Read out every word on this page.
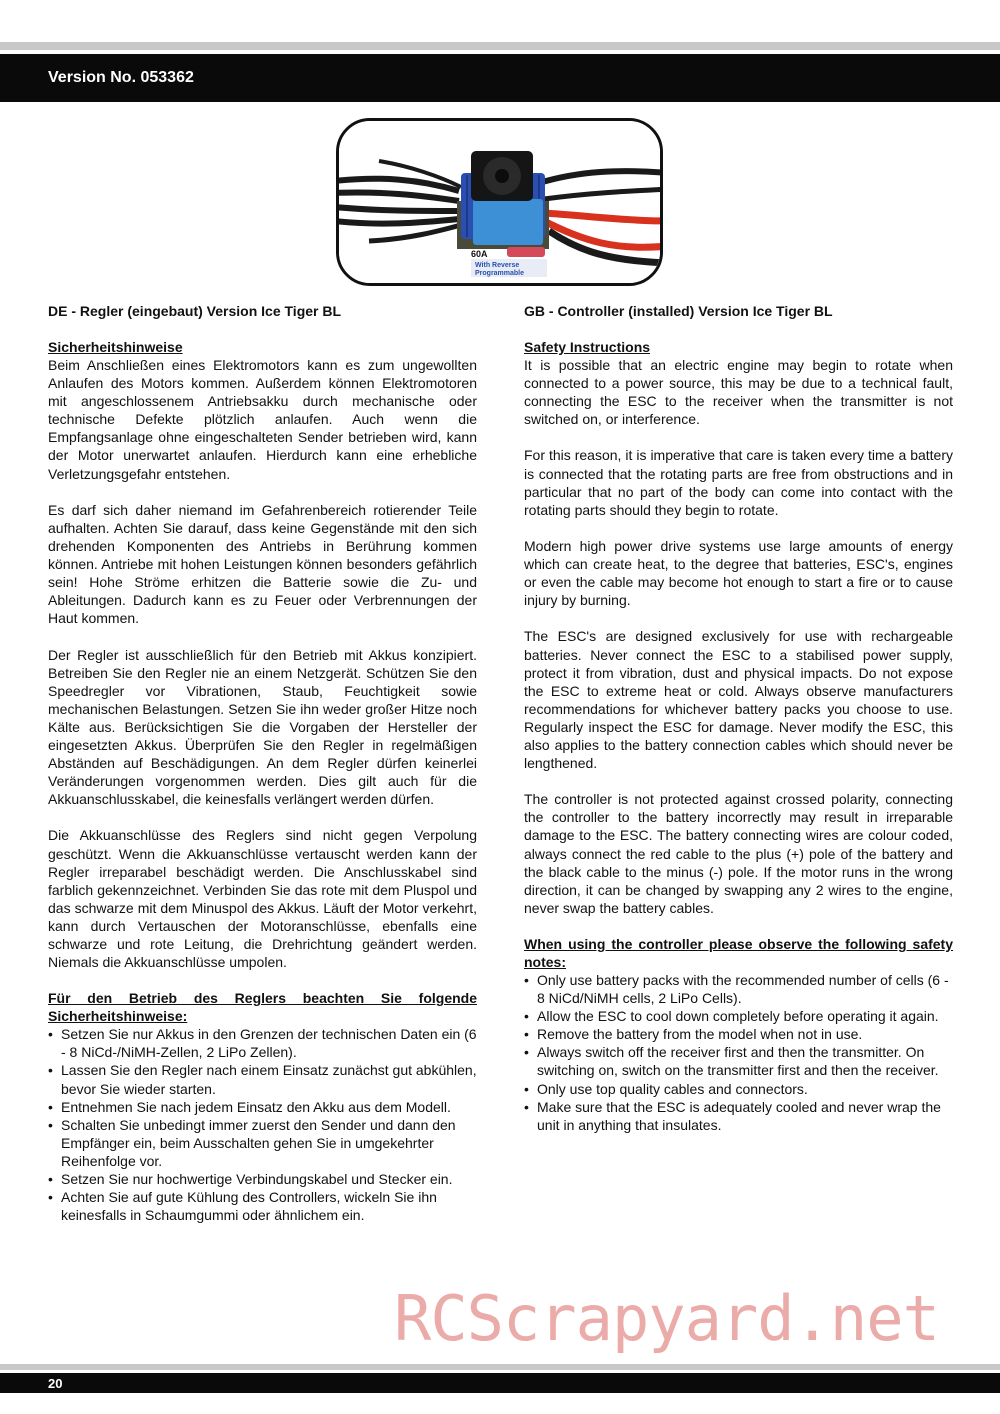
Version No. 053362
60A
With Reverse
Programmable
DE - Regler (eingebaut) Version Ice Tiger BL
Sicherheitshinweise

Beim Anschließen eines Elektromotors kann es zum ungewollten Anlaufen des Motors kommen. Außerdem können Elektromotoren mit angeschlossenem Antriebsakku durch mechanische oder technische Defekte plötzlich anlaufen. Auch wenn die Empfangsanlage ohne eingeschalteten Sender betrieben wird, kann der Motor unerwartet anlaufen. Hierdurch kann eine erhebliche Verletzungsgefahr entstehen.

Es darf sich daher niemand im Gefahrenbereich rotierender Teile aufhalten. Achten Sie darauf, dass keine Gegenstände mit den sich drehenden Komponenten des Antriebs in Berührung kommen können. Antriebe mit hohen Leistungen können besonders gefährlich sein! Hohe Ströme erhitzen die Batterie sowie die Zu- und Ableitungen. Dadurch kann es zu Feuer oder Verbrennungen der Haut kommen.

Der Regler ist ausschließlich für den Betrieb mit Akkus konzipiert. Betreiben Sie den Regler nie an einem Netzgerät. Schützen Sie den Speedregler vor Vibrationen, Staub, Feuchtigkeit sowie mechanischen Belastungen. Setzen Sie ihn weder großer Hitze noch Kälte aus. Berücksichtigen Sie die Vorgaben der Hersteller der eingesetzten Akkus. Überprüfen Sie den Regler in regelmäßigen Abständen auf Beschädigungen. An dem Regler dürfen keinerlei Veränderungen vorgenommen werden. Dies gilt auch für die Akkuanschlusskabel, die keinesfalls verlängert werden dürfen.

Die Akkuanschlüsse des Reglers sind nicht gegen Verpolung geschützt. Wenn die Akkuanschlüsse vertauscht werden kann der Regler irreparabel beschädigt werden. Die Anschlusskabel sind farblich gekennzeichnet. Verbinden Sie das rote mit dem Pluspol und das schwarze mit dem Minuspol des Akkus. Läuft der Motor verkehrt, kann durch Vertauschen der Motoranschlüsse, ebenfalls eine schwarze und rote Leitung, die Drehrichtung geändert werden. Niemals die Akkuanschlüsse umpolen.

Für den Betrieb des Reglers beachten Sie folgende Sicherheitshinweise:
• Setzen Sie nur Akkus in den Grenzen der technischen Daten ein (6 - 8 NiCd-/NiMH-Zellen, 2 LiPo Zellen).
• Lassen Sie den Regler nach einem Einsatz zunächst gut abkühlen, bevor Sie wieder starten.
• Entnehmen Sie nach jedem Einsatz den Akku aus dem Modell.
• Schalten Sie unbedingt immer zuerst den Sender und dann den Empfänger ein, beim Ausschalten gehen Sie in umgekehrter Reihenfolge vor.
• Setzen Sie nur hochwertige Verbindungskabel und Stecker ein.
• Achten Sie auf gute Kühlung des Controllers, wickeln Sie ihn keinesfalls in Schaumgummi oder ähnlichem ein.
GB - Controller (installed) Version Ice Tiger BL
Safety Instructions

It is possible that an electric engine may begin to rotate when connected to a power source, this may be due to a technical fault, connecting the ESC to the receiver when the transmitter is not switched on, or interference.

For this reason, it is imperative that care is taken every time a battery is connected that the rotating parts are free from obstructions and in particular that no part of the body can come into contact with the rotating parts should they begin to rotate.

Modern high power drive systems use large amounts of energy which can create heat, to the degree that batteries, ESC's, engines or even the cable may become hot enough to start a fire or to cause injury by burning.

The ESC's are designed exclusively for use with rechargeable batteries. Never connect the ESC to a stabilised power supply, protect it from vibration, dust and physical impacts. Do not expose the ESC to extreme heat or cold. Always observe manufacturers recommendations for whichever battery packs you choose to use. Regularly inspect the ESC for damage. Never modify the ESC, this also applies to the battery connection cables which should never be lengthened.

The controller is not protected against crossed polarity, connecting the controller to the battery incorrectly may result in irreparable damage to the ESC. The battery connecting wires are colour coded, always connect the red cable to the plus (+) pole of the battery and the black cable to the minus (-) pole. If the motor runs in the wrong direction, it can be changed by swapping any 2 wires to the engine, never swap the battery cables.

When using the controller please observe the following safety notes:
• Only use battery packs with the recommended number of cells (6 - 8 NiCd/NiMH cells, 2 LiPo Cells).
• Allow the ESC to cool down completely before operating it again.
• Remove the battery from the model when not in use.
• Always switch off the receiver first and then the transmitter. On switching on, switch on the transmitter first and then the receiver.
• Only use top quality cables and connectors.
• Make sure that the ESC is adequately cooled and never wrap the unit in anything that insulates.
RCScrapyard.net
20
